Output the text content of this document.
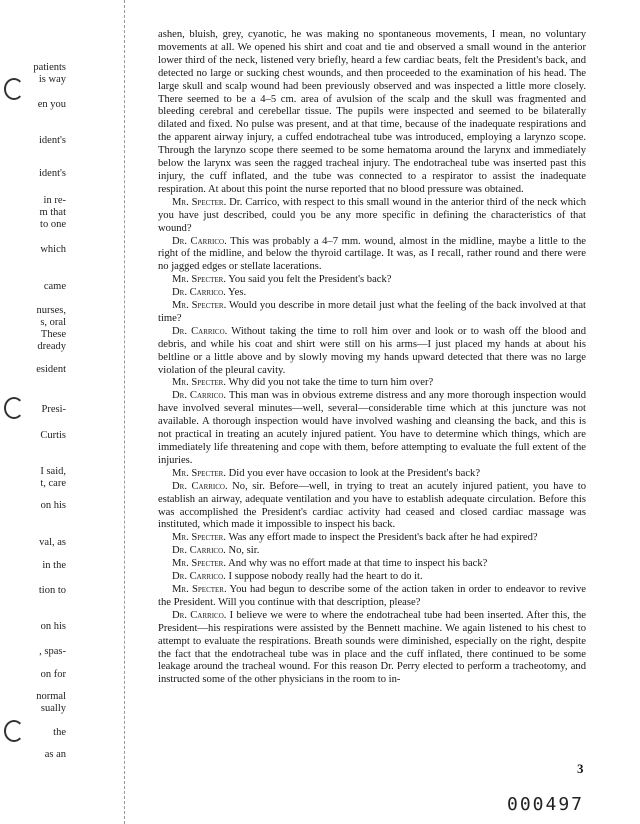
patients
is way
en you
ident's
ident's
in re-
m that
to one
which
came
nurses,
s, oral
These
dready
esident
Presi-
Curtis
I said,
t, care
on his
val, as
in the
tion to
on his
, spas-
on for
normal
sually
the
as an

ashen, bluish, grey, cyanotic, he was making no spontaneous movements, I mean, no voluntary movements at all. We opened his shirt and coat and tie and observed a small wound in the anterior lower third of the neck, listened very briefly, heard a few cardiac beats, felt the President's back, and detected no large or sucking chest wounds, and then proceeded to the examination of his head. The large skull and scalp wound had been previously observed and was inspected a little more closely. There seemed to be a 4–5 cm. area of avulsion of the scalp and the skull was fragmented and bleeding cerebral and cerebellar tissue. The pupils were inspected and seemed to be bilaterally dilated and fixed. No pulse was present, and at that time, because of the inadequate respirations and the apparent airway injury, a cuffed endotracheal tube was introduced, employing a larynzo scope. Through the larynzo scope there seemed to be some hematoma around the larynx and immediately below the larynx was seen the ragged tracheal injury. The endotracheal tube was inserted past this injury, the cuff inflated, and the tube was connected to a respirator to assist the inadequate respiration. At about this point the nurse reported that no blood pressure was obtained.

Mr. Specter. Dr. Carrico, with respect to this small wound in the anterior third of the neck which you have just described, could you be any more specific in defining the characteristics of that wound?

Dr. Carrico. This was probably a 4–7 mm. wound, almost in the midline, maybe a little to the right of the midline, and below the thyroid cartilage. It was, as I recall, rather round and there were no jagged edges or stellate lacerations.

Mr. Specter. You said you felt the President's back?

Dr. Carrico. Yes.

Mr. Specter. Would you describe in more detail just what the feeling of the back involved at that time?

Dr. Carrico. Without taking the time to roll him over and look or to wash off the blood and debris, and while his coat and shirt were still on his arms—I just placed my hands at about his beltline or a little above and by slowly moving my hands upward detected that there was no large violation of the pleural cavity.

Mr. Specter. Why did you not take the time to turn him over?

Dr. Carrico. This man was in obvious extreme distress and any more thorough inspection would have involved several minutes—well, several—considerable time which at this juncture was not available. A thorough inspection would have involved washing and cleansing the back, and this is not practical in treating an acutely injured patient. You have to determine which things, which are immediately life threatening and cope with them, before attempting to evaluate the full extent of the injuries.

Mr. Specter. Did you ever have occasion to look at the President's back?

Dr. Carrico. No, sir. Before—well, in trying to treat an acutely injured patient, you have to establish an airway, adequate ventilation and you have to establish adequate circulation. Before this was accomplished the President's cardiac activity had ceased and closed cardiac massage was instituted, which made it impossible to inspect his back.

Mr. Specter. Was any effort made to inspect the President's back after he had expired?

Dr. Carrico. No, sir.

Mr. Specter. And why was no effort made at that time to inspect his back?

Dr. Carrico. I suppose nobody really had the heart to do it.

Mr. Specter. You had begun to describe some of the action taken in order to endeavor to revive the President. Will you continue with that description, please?

Dr. Carrico. I believe we were to where the endotracheal tube had been inserted. After this, the President—his respirations were assisted by the Bennett machine. We again listened to his chest to attempt to evaluate the respirations. Breath sounds were diminished, especially on the right, despite the fact that the endotracheal tube was in place and the cuff inflated, there continued to be some leakage around the tracheal wound. For this reason Dr. Perry elected to perform a tracheotomy, and instructed some of the other physicians in the room to in-

3
000497
